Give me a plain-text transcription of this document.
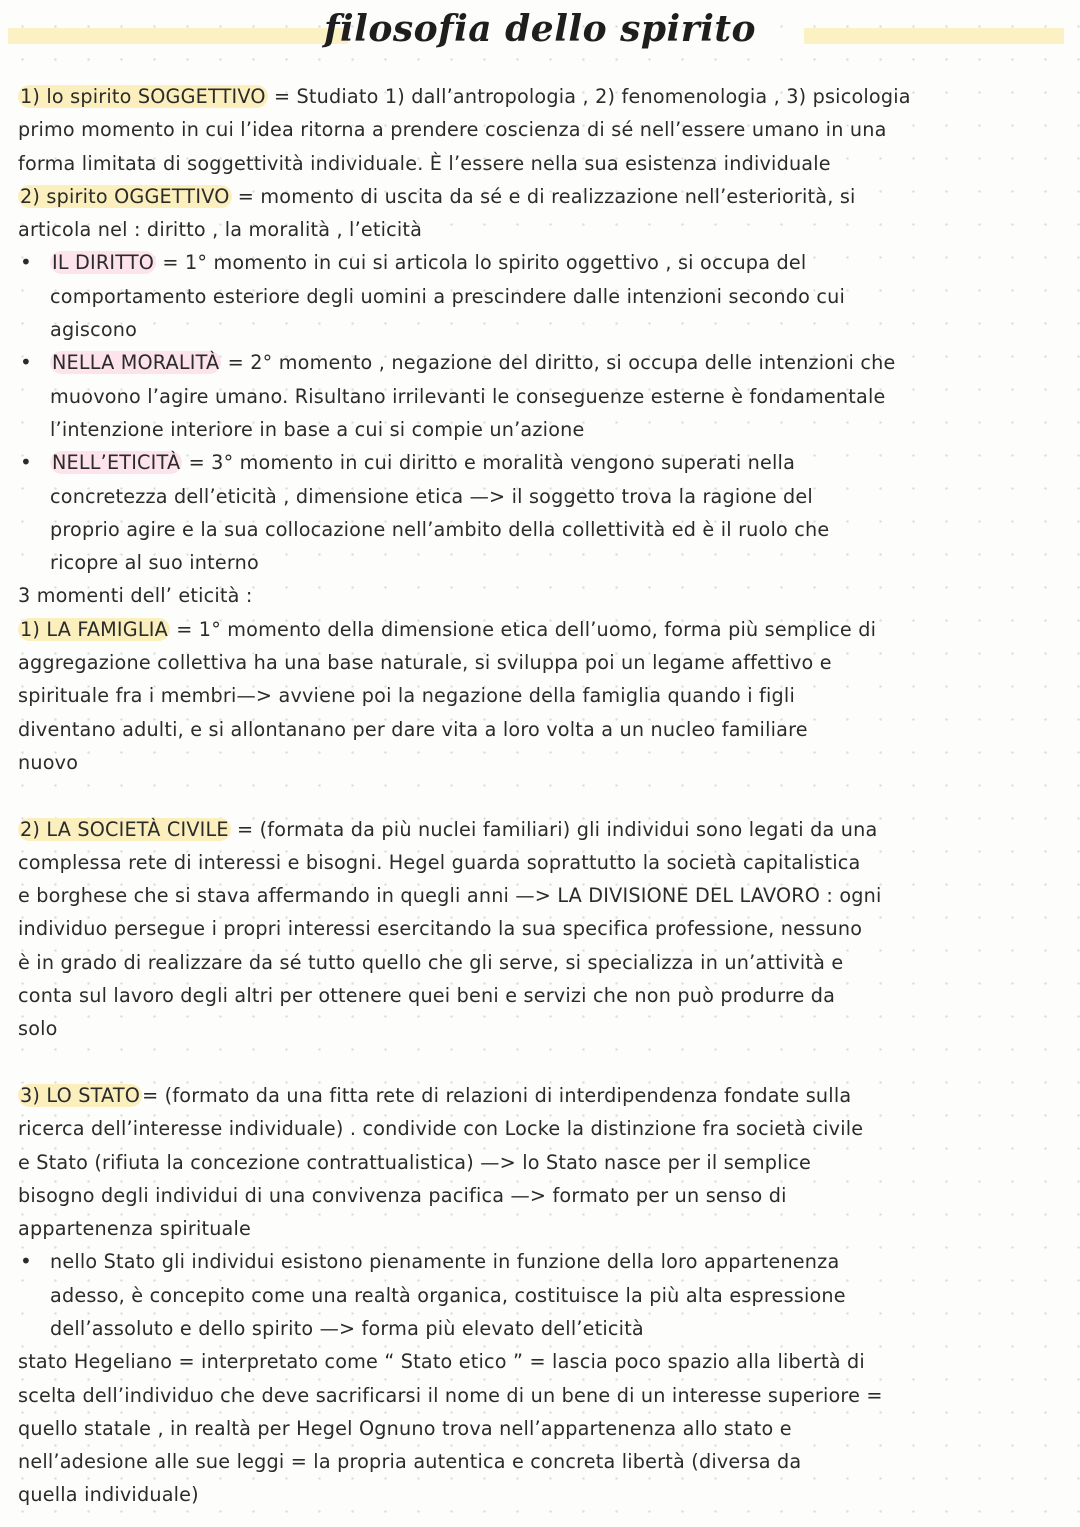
filosofia dello spirito
1) lo spirito SOGGETTIVO = Studiato 1) dall’antropologia , 2) fenomenologia , 3) psicologia
primo momento in cui l’idea ritorna a prendere coscienza di sé nell’essere umano in una
forma limitata di soggettività individuale. È l’essere nella sua esistenza individuale
2) spirito OGGETTIVO = momento di uscita da sé e di realizzazione nell’esteriorità, si
articola nel : diritto , la moralità , l’eticità
• IL DIRITTO = 1° momento in cui si articola lo spirito oggettivo , si occupa del
comportamento esteriore degli uomini a prescindere dalle intenzioni secondo cui
agiscono
• NELLA MORALITÀ = 2° momento , negazione del diritto, si occupa delle intenzioni che
muovono l’agire umano. Risultano irrilevanti le conseguenze esterne è fondamentale
l’intenzione interiore in base a cui si compie un’azione
• NELL’ETICITÀ = 3° momento in cui diritto e moralità vengono superati nella
concretezza dell’eticità , dimensione etica —> il soggetto trova la ragione del
proprio agire e la sua collocazione nell’ambito della collettività ed è il ruolo che
ricopre al suo interno
3 momenti dell’ eticità :
1) LA FAMIGLIA = 1° momento della dimensione etica dell’uomo, forma più semplice di
aggregazione collettiva ha una base naturale, si sviluppa poi un legame affettivo e
spirituale fra i membri—> avviene poi la negazione della famiglia quando i figli
diventano adulti, e si allontanano per dare vita a loro volta a un nucleo familiare
nuovo
2) LA SOCIETÀ CIVILE = (formata da più nuclei familiari) gli individui sono legati da una
complessa rete di interessi e bisogni. Hegel guarda soprattutto la società capitalistica
e borghese che si stava affermando in quegli anni —> LA DIVISIONE DEL LAVORO : ogni
individuo persegue i propri interessi esercitando la sua specifica professione, nessuno
è in grado di realizzare da sé tutto quello che gli serve, si specializza in un’attività e
conta sul lavoro degli altri per ottenere quei beni e servizi che non può produrre da
solo
3) LO STATO = (formato da una fitta rete di relazioni di interdipendenza fondate sulla
ricerca dell’interesse individuale) . condivide con Locke la distinzione fra società civile
e Stato (rifiuta la concezione contrattualistica) —> lo Stato nasce per il semplice
bisogno degli individui di una convivenza pacifica —> formato per un senso di
appartenenza spirituale
• nello Stato gli individui esistono pienamente in funzione della loro appartenenza
adesso, è concepito come una realtà organica, costituisce la più alta espressione
dell’assoluto e dello spirito —> forma più elevato dell’eticità
stato Hegeliano = interpretato come “ Stato etico ” = lascia poco spazio alla libertà di
scelta dell’individuo che deve sacrificarsi il nome di un bene di un interesse superiore =
quello statale , in realtà per Hegel Ognuno trova nell’appartenenza allo stato e
nell’adesione alle sue leggi = la propria autentica e concreta libertà (diversa da
quella individuale)
